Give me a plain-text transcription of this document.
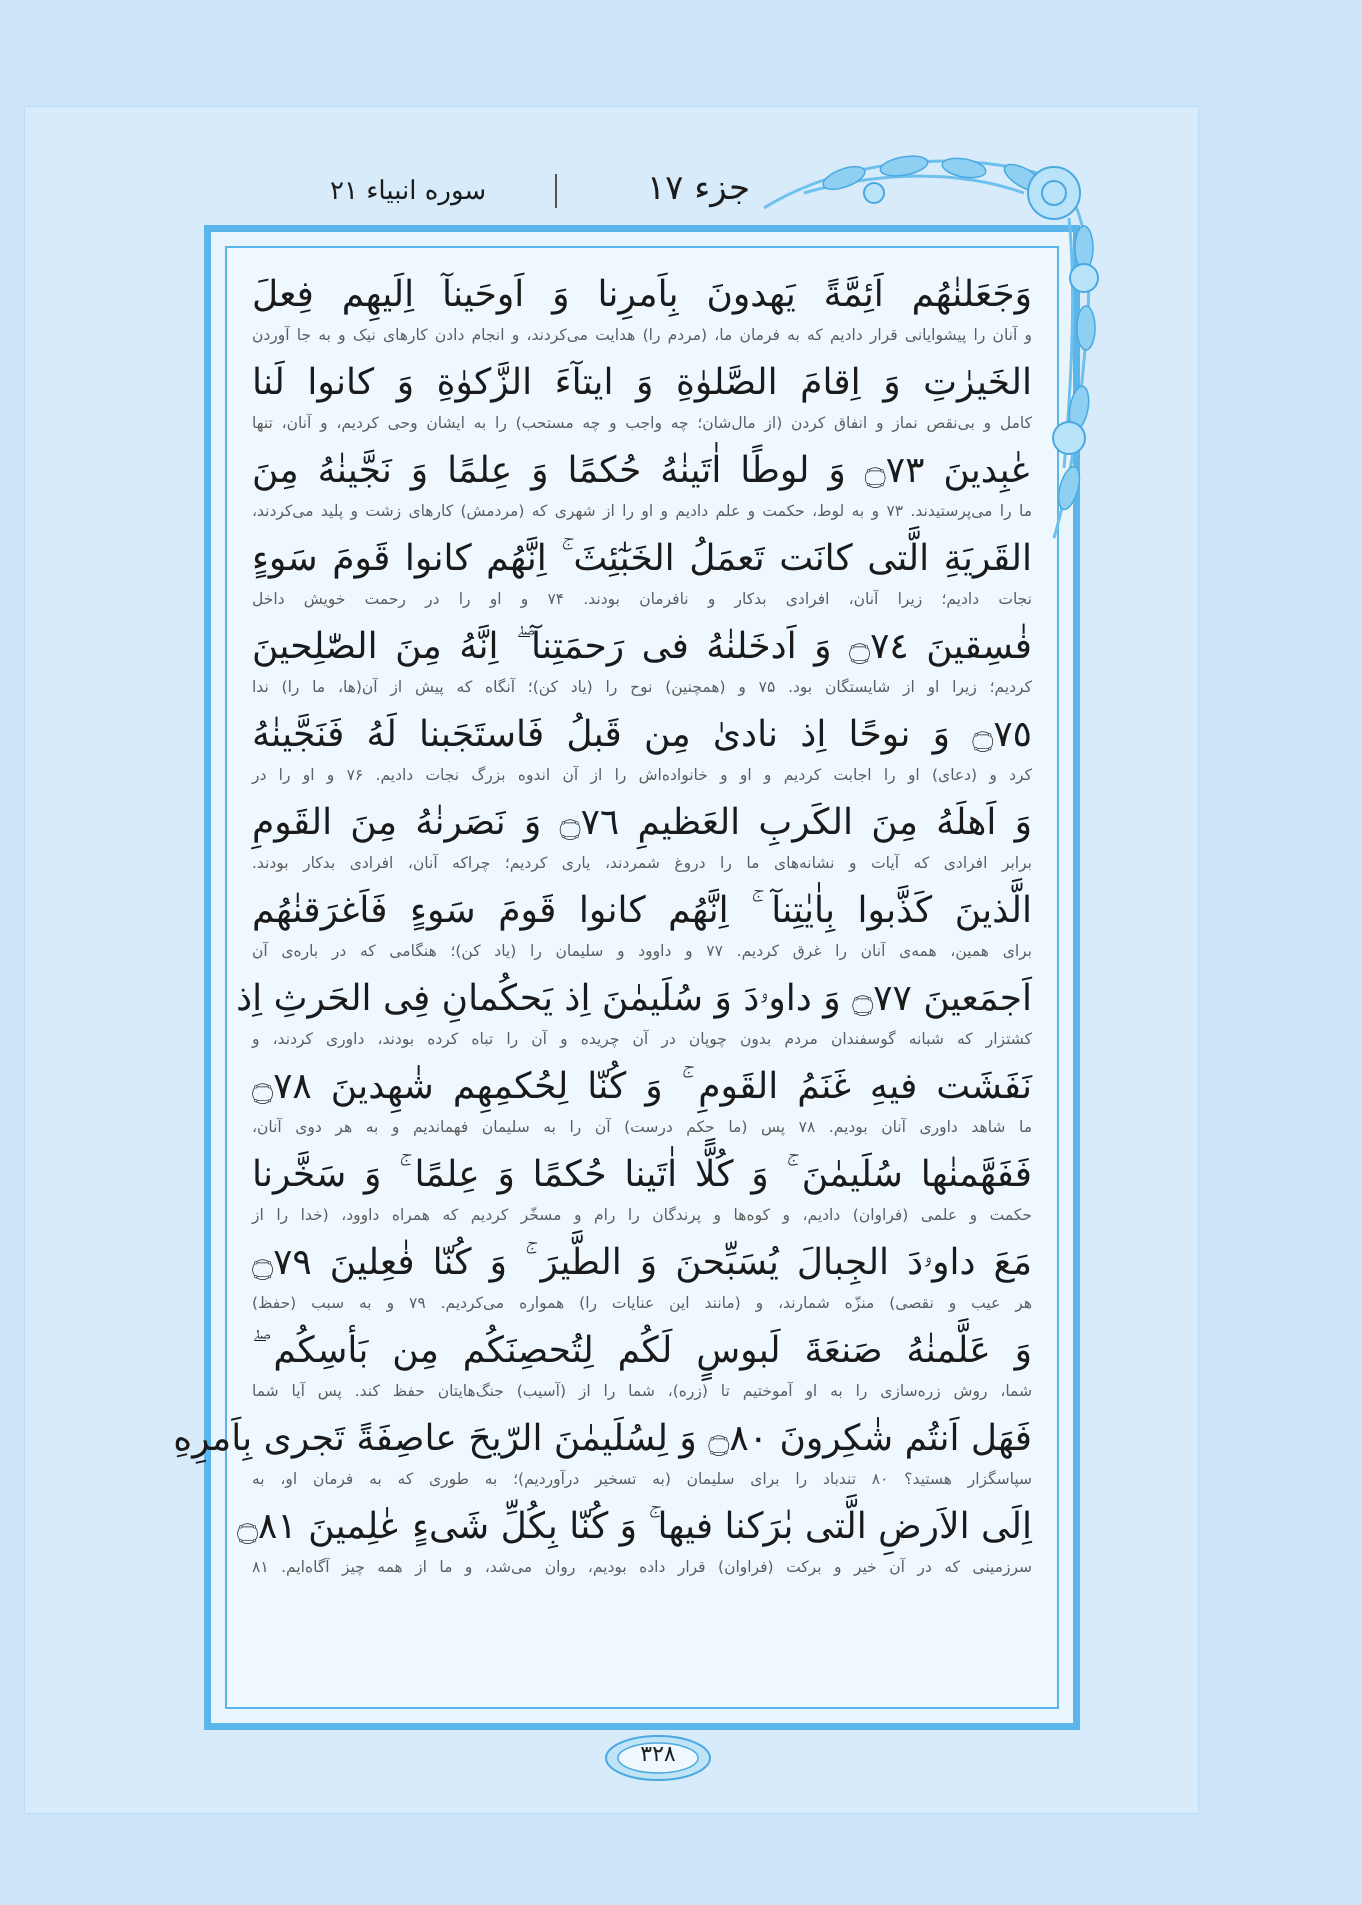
جزء ۱۷
سوره انبیاء ۲۱
وَجَعَلنٰهُم اَئِمَّةً يَهدونَ بِاَمرِنا وَ اَوحَينآ اِلَيهِم فِعلَ
و آنان را پیشوایانی قرار دادیم که به فرمان ما، (مردم را) هدایت می‌کردند، و انجام دادن کارهای نیک و به جا آوردن
الخَيرٰتِ وَ اِقامَ الصَّلوٰةِ وَ ايتآءَ الزَّكوٰةِ وَ كانوا لَنا
کامل و بی‌نقص نماز و انفاق کردن (از مال‌شان؛ چه واجب و چه مستحب) را به ایشان وحی کردیم، و آنان، تنها
عٰبِدينَ ۝٧٣ وَ لوطًا اٰتَينٰهُ حُكمًا وَ عِلمًا وَ نَجَّينٰهُ مِنَ
ما را می‌پرستیدند. ۷۳ و به لوط، حکمت و علم دادیم و او را از شهری که (مردمش) کارهای زشت و پلید می‌کردند،
القَريَةِ الَّتى كانَت تَعمَلُ الخَبٰٓئِثَ ۚ اِنَّهُم كانوا قَومَ سَوءٍ
نجات دادیم؛ زیرا آنان، افرادی بدکار و نافرمان بودند. ۷۴ و او را در رحمت خویش داخل
فٰسِقينَ ۝٧٤ وَ اَدخَلنٰهُ فى رَحمَتِنآ ۖ اِنَّهُ مِنَ الصّٰلِحينَ
کردیم؛ زیرا او از شایستگان بود. ۷۵ و (همچنین) نوح را (یاد کن)؛ آنگاه که پیش از آن(ها، ما را) ندا
۝٧٥ وَ نوحًا اِذ نادىٰ مِن قَبلُ فَاستَجَبنا لَهُ فَنَجَّينٰهُ
کرد و (دعای) او را اجابت کردیم و او و خانواده‌اش را از آن اندوه بزرگ نجات دادیم. ۷۶ و او را در
وَ اَهلَهُ مِنَ الكَربِ العَظيمِ ۝٧٦ وَ نَصَرنٰهُ مِنَ القَومِ
برابر افرادی که آیات و نشانه‌های ما را دروغ شمردند، یاری کردیم؛ چراکه آنان، افرادی بدکار بودند.
الَّذينَ كَذَّبوا بِاٰيٰتِنآ ۚ اِنَّهُم كانوا قَومَ سَوءٍ فَاَغرَقنٰهُم
برای همین، همه‌ی آنان را غرق کردیم. ۷۷ و داوود و سلیمان را (یاد کن)؛ هنگامی که در باره‌ی آن
اَجمَعينَ ۝٧٧ وَ داوۥدَ وَ سُلَيمٰنَ اِذ يَحكُمانِ فِى الحَرثِ اِذ
کشتزار که شبانه گوسفندان مردم بدون چوپان در آن چریده و آن را تباه کرده بودند، داوری کردند، و
نَفَشَت فيهِ غَنَمُ القَومِ ۚ وَ كُنّا لِحُكمِهِم شٰهِدينَ ۝٧٨
ما شاهد داوری آنان بودیم. ۷۸ پس (ما حکم درست) آن را به سلیمان فهماندیم و به هر دوی آنان،
فَفَهَّمنٰها سُلَيمٰنَ ۚ وَ كُلًّا اٰتَينا حُكمًا وَ عِلمًا ۚ وَ سَخَّرنا
حکمت و علمی (فراوان) دادیم، و کوه‌ها و پرندگان را رام و مسخّر کردیم که همراه داوود، (خدا را از
مَعَ داوۥدَ الجِبالَ يُسَبِّحنَ وَ الطَّيرَ ۚ وَ كُنّا فٰعِلينَ ۝٧٩
هر عیب و نقصی) منزّه شمارند، و (مانند این عنایات را) همواره می‌کردیم. ۷۹ و به سبب (حفظ)
وَ عَلَّمنٰهُ صَنعَةَ لَبوسٍ لَكُم لِتُحصِنَكُم مِن بَأسِكُم ۖ
شما، روش زره‌سازی را به او آموختیم تا (زره)، شما را از (آسیب) جنگ‌هایتان حفظ کند. پس آیا شما
فَهَل اَنتُم شٰكِرونَ ۝٨٠ وَ لِسُلَيمٰنَ الرّيحَ عاصِفَةً تَجرى بِاَمرِهِ
سپاسگزار هستید؟ ۸۰ تندباد را برای سلیمان (به تسخیر درآوردیم)؛ به طوری که به فرمان او، به
اِلَى الاَرضِ الَّتى بٰرَكنا فيها ۚ وَ كُنّا بِكُلِّ شَىءٍ عٰلِمينَ ۝٨١
سرزمینی که در آن خیر و برکت (فراوان) قرار داده بودیم، روان می‌شد، و ما از همه چیز آگاه‌ایم. ۸۱
۳۲۸
